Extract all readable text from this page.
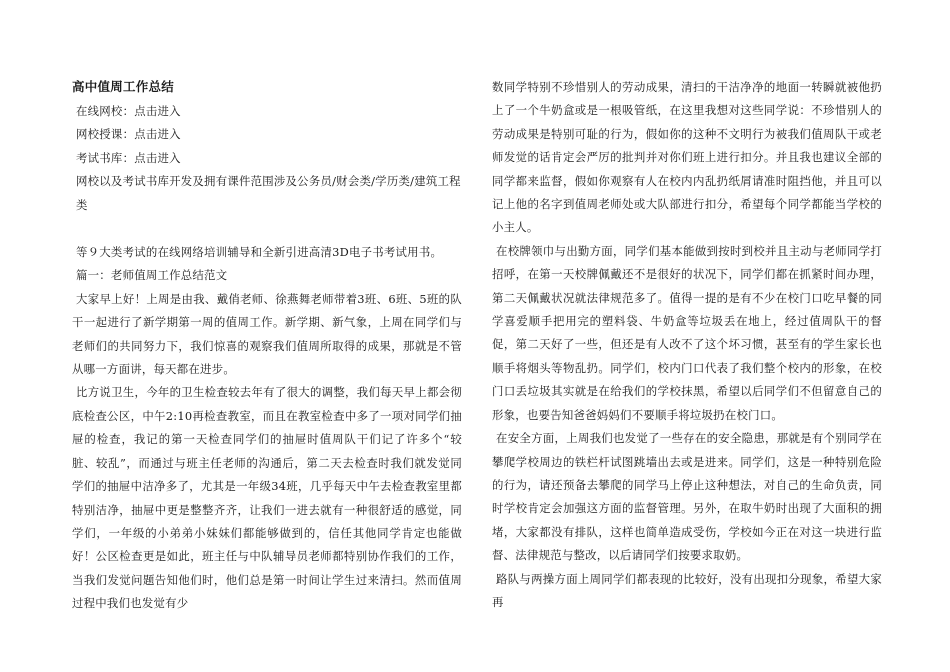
高中值周工作总结
在线网校：点击进入
网校授课：点击进入
考试书库：点击进入
网校以及考试书库开发及拥有课件范围涉及公务员/财会类/学历类/建筑工程类

等９大类考试的在线网络培训辅导和全新引进高清3D电子书考试用书。

篇一：老师值周工作总结范文

大家早上好！上周是由我、戴俏老师、徐燕舞老师带着3班、6班、5班的队干一起进行了新学期第一周的值周工作。新学期、新气象，上周在同学们与老师们的共同努力下，我们惊喜的观察我们值周所取得的成果，那就是不管从哪一方面讲，每天都在进步。

比方说卫生，今年的卫生检查较去年有了很大的调整，我们每天早上都会彻底检查公区，中午2:10再检查教室，而且在教室检查中多了一项对同学们抽屉的检查，我记的第一天检查同学们的抽屉时值周队干们记了许多个“较脏、较乱”，而通过与班主任老师的沟通后，第二天去检查时我们就发觉同学们的抽屉中洁净多了，尤其是一年级34班，几乎每天中午去检查教室里都特别洁净，抽屉中更是整整齐齐，让我们一进去就有一种很舒适的感觉，同学们，一年级的小弟弟小妹妹们都能够做到的，信任其他同学肯定也能做好！公区检查更是如此，班主任与中队辅导员老师都特别协作我们的工作，当我们发觉问题告知他们时，他们总是第一时间让学生过来清扫。然而值周过程中我们也发觉有少

数同学特别不珍惜别人的劳动成果，清扫的干洁净净的地面一转瞬就被他扔上了一个牛奶盒或是一根吸管纸，在这里我想对这些同学说：不珍惜别人的劳动成果是特别可耻的行为，假如你的这种不文明行为被我们值周队干或老师发觉的话肯定会严厉的批判并对你们班上进行扣分。并且我也建议全部的同学都来监督，假如你观察有人在校内内乱扔纸屑请准时阻挡他，并且可以记上他的名字到值周老师处或大队部进行扣分，希望每个同学都能当学校的小主人。

在校牌领巾与出勤方面，同学们基本能做到按时到校并且主动与老师同学打招呼，在第一天校牌佩戴还不是很好的状况下，同学们都在抓紧时间办理，第二天佩戴状况就法律规范多了。值得一提的是有不少在校门口吃早餐的同学喜爱顺手把用完的塑料袋、牛奶盒等垃圾丢在地上，经过值周队干的督促，第二天好了一些，但还是有人改不了这个坏习惯，甚至有的学生家长也顺手将烟头等物乱扔。同学们，校内门口代表了我们整个校内的形象，在校门口丢垃圾其实就是在给我们的学校抹黑，希望以后同学们不但留意自己的形象，也要告知爸爸妈妈们不要顺手将垃圾扔在校门口。

在安全方面，上周我们也发觉了一些存在的安全隐患，那就是有个别同学在攀爬学校周边的铁栏杆试图跳墙出去或是进来。同学们，这是一种特别危险的行为，请还预备去攀爬的同学马上停止这种想法，对自己的生命负责，同时学校肯定会加强这方面的监督管理。另外，在取牛奶时出现了大面积的拥堵，大家都没有排队，这样也简单造成受伤，学校如今正在对这一块进行监督、法律规范与整改，以后请同学们按要求取奶。

路队与两操方面上周同学们都表现的比较好，没有出现扣分现象，希望大家再
